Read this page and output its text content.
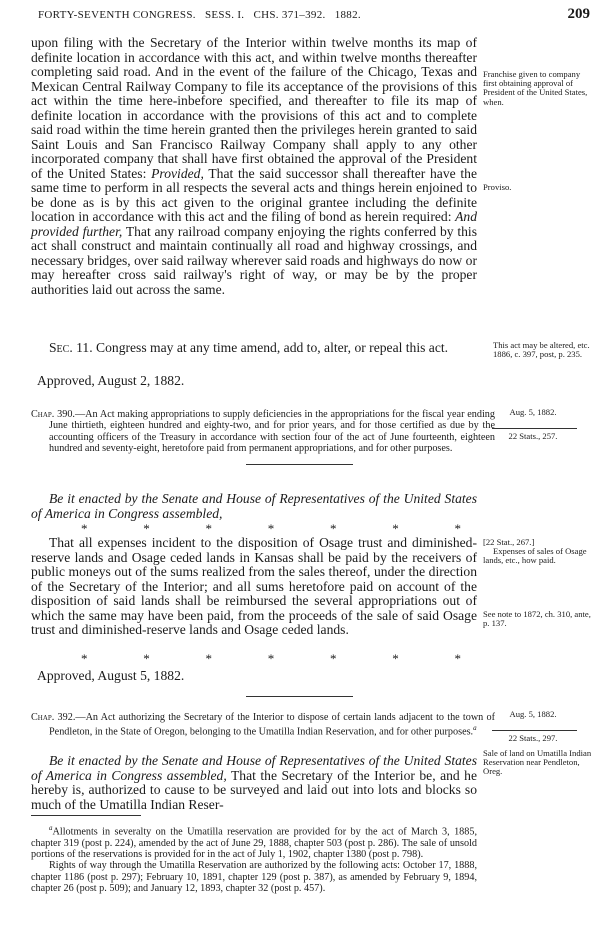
FORTY-SEVENTH CONGRESS.   SESS. I.   CHS. 371–392.   1882.	209
upon filing with the Secretary of the Interior within twelve months its map of definite location in accordance with this act, and within twelve months thereafter completing said road. And in the event of the failure of the Chicago, Texas and Mexican Central Railway Company to file its acceptance of the provisions of this act within the time here-inbefore specified, and thereafter to file its map of definite location in accordance with the provisions of this act and to complete said road within the time herein granted then the privileges herein granted to said Saint Louis and San Francisco Railway Company shall apply to any other incorporated company that shall have first obtained the approval of the President of the United States: Provided, That the said successor shall thereafter have the same time to perform in all respects the several acts and things herein enjoined to be done as is by this act given to the original grantee including the definite location in accordance with this act and the filing of bond as herein required: And provided further, That any railroad company enjoying the rights conferred by this act shall construct and maintain continually all road and highway crossings, and necessary bridges, over said railway wherever said roads and highways do now or may hereafter cross said railway's right of way, or may be by the proper authorities laid out across the same.
Sec. 11. Congress may at any time amend, add to, alter, or repeal this act.
Approved, August 2, 1882.
Chap. 390.—An Act making appropriations to supply deficiencies in the appropriations for the fiscal year ending June thirtieth, eighteen hundred and eighty-two, and for prior years, and for those certified as due by the accounting officers of the Treasury in accordance with section four of the act of June fourteenth, eighteen hundred and seventy-eight, heretofore paid from permanent appropriations, and for other purposes.
Be it enacted by the Senate and House of Representatives of the United States of America in Congress assembled,
*	*	*	*	*	*	*
That all expenses incident to the disposition of Osage trust and diminished-reserve lands and Osage ceded lands in Kansas shall be paid by the receivers of public moneys out of the sums realized from the sales thereof, under the direction of the Secretary of the Interior; and all sums heretofore paid on account of the disposition of said lands shall be reimbursed the several appropriations out of which the same may have been paid, from the proceeds of the sale of said Osage trust and diminished-reserve lands and Osage ceded lands.
*	*	*	*	*	*	*
Approved, August 5, 1882.
Chap. 392.—An Act authorizing the Secretary of the Interior to dispose of certain lands adjacent to the town of Pendleton, in the State of Oregon, belonging to the Umatilla Indian Reservation, and for other purposes.$^a$
Be it enacted by the Senate and House of Representatives of the United States of America in Congress assembled, That the Secretary of the Interior be, and he hereby is, authorized to cause to be surveyed and laid out into lots and blocks so much of the Umatilla Indian Reser-
Franchise given to company first obtaining approval of President of the United States, when.
Proviso.
This act may be altered, etc.
1886, c. 397, post, p. 235.
Aug. 5, 1882.
22 Stats., 257.
[22 Stat., 267.]
Expenses of sales of Osage lands, etc., how paid.
See note to 1872, ch. 310, ante, p. 137.
Aug. 5, 1882.
22 Stats., 297.
Sale of land on Umatilla Indian Reservation near Pendleton, Oreg.
$^a$Allotments in severalty on the Umatilla reservation are provided for by the act of March 3, 1885, chapter 319 (post p. 224), amended by the act of June 29, 1888, chapter 503 (post p. 286). The sale of unsold portions of the reservations is provided for in the act of July 1, 1902, chapter 1380 (post p. 798).
Rights of way through the Umatilla Reservation are authorized by the following acts: October 17, 1888, chapter 1186 (post p. 297); February 10, 1891, chapter 129 (post p. 387), as amended by February 9, 1894, chapter 26 (post p. 509); and January 12, 1893, chapter 32 (post p. 457).
